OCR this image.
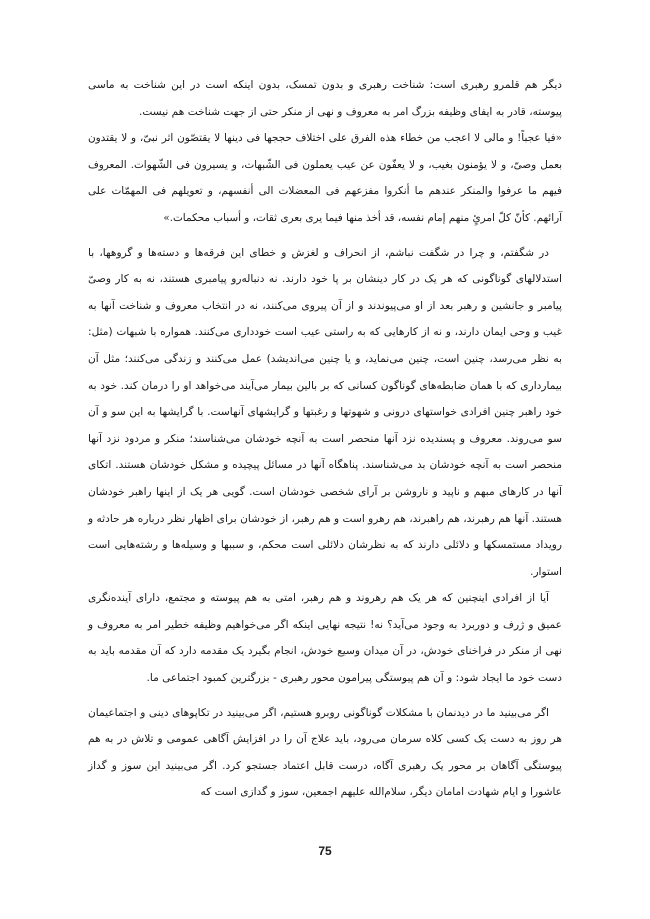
دیگر هم قلمرو رهبری است: شناخت رهبری و بدون تمسک، بدون اینکه است در این شناخت به ماسی پیوسته، قادر به ایفای وظیفه بزرگ امر به معروف و نهی از منکر حتی از جهت شناخت هم نیست.

«فیا عجباً! و مالی لا اعجب من خطاء هذه الفرق علی اختلاف حججها فی دینها لا یقتصّون اثر نبیّ، و لا یقتدون بعمل وصیّ، و لا یؤمنون بغیب، و لا یعفّون عن عیب یعملون فی الشّبهات، و یسیرون فی الشّهوات. المعروف فیهم ما عرفوا والمنکر عندهم ما أنکروا مفزعهم فی المعضلات الی أنفسهم، و تعویلهم فی المهمّات علی آرائهم. کأنّ کلّ امرئٍ منهم إمام نفسه، قد أخذ منها فیما یری بعری ثقات، و أسباب محکمات.»

در شگفتم، و چرا در شگفت نباشم، از انحراف و لغزش و خطای این فرقه‌ها و دسته‌ها و گروهها، با استدلالهای گوناگونی که هر یک در کار دینشان بر پا خود دارند. نه دنباله‌رو پیامبری هستند، نه به کار وصیّ پیامبر و جانشین و رهبر بعد از او می‌پیوندند و از آن پیروی می‌کنند، نه در انتخاب معروف و شناخت آنها به غیب و وحی ایمان دارند، و نه از کارهایی که به راستی عیب است خودداری می‌کنند. همواره با شبهات (مثل: به نظر می‌رسد، چنین است، چنین می‌نماید، و یا چنین می‌اندیشد) عمل می‌کنند و زندگی می‌کنند؛ مثل آن بیمارداری که با همان ضابطه‌های گوناگون کسانی که بر بالین بیمار می‌آیند می‌خواهد او را درمان کند. خود به خود راهبر چنین افرادی خواستهای درونی و شهوتها و رغبتها و گرایشهای آنهاست. با گرایشها به این سو و آن سو می‌روند. معروف و پسندیده نزد آنها منحصر است به آنچه خودشان می‌شناسند؛ منکر و مردود نزد آنها منحصر است به آنچه خودشان بد می‌شناسند. پناهگاه آنها در مسائل پیچیده و مشکل خودشان هستند. اتکای آنها در کارهای مبهم و ناپید و ناروشن بر آرای شخصی خودشان است. گویی هر یک از اینها راهبر خودشان هستند. آنها هم رهبرند، هم راهبرند، هم رهرو است و هم رهبر، از خودشان برای اظهار نظر درباره هر حادثه و رویداد مستمسکها و دلائلی دارند که به نظرشان دلائلی است محکم، و سببها و وسیله‌ها و رشته‌هایی است استوار.

آیا از افرادی اینچنین که هر یک هم رهروند و هم رهبر، امتی به هم پیوسته و مجتمع، دارای آینده‌نگری عمیق و ژرف و دوربرد به وجود می‌آید؟ نه! نتیجه نهایی اینکه اگر می‌خواهیم وظیفه خطیر امر به معروف و نهی از منکر در فراخنای خودش، در آن میدان وسیع خودش، انجام بگیرد یک مقدمه دارد که آن مقدمه باید به دست خود ما ایجاد شود: و آن هم پیوستگی پیرامون محور رهبری - بزرگترین کمبود اجتماعی ما.

اگر می‌بینید ما در دیدنمان با مشکلات گوناگونی روبرو هستیم، اگر می‌بینید در تکاپوهای دینی و اجتماعیمان هر روز به دست یک کسی کلاه سرمان می‌رود، باید علاج آن را در افزایش آگاهی عمومی و تلاش در به هم پیوستگی آگاهان بر محور یک رهبری آگاه، درست قابل اعتماد جستجو کرد. اگر می‌بینید این سوز و گداز عاشورا و ایام شهادت امامان دیگر، سلام‌الله علیهم اجمعین، سوز و گدازی است که

75
